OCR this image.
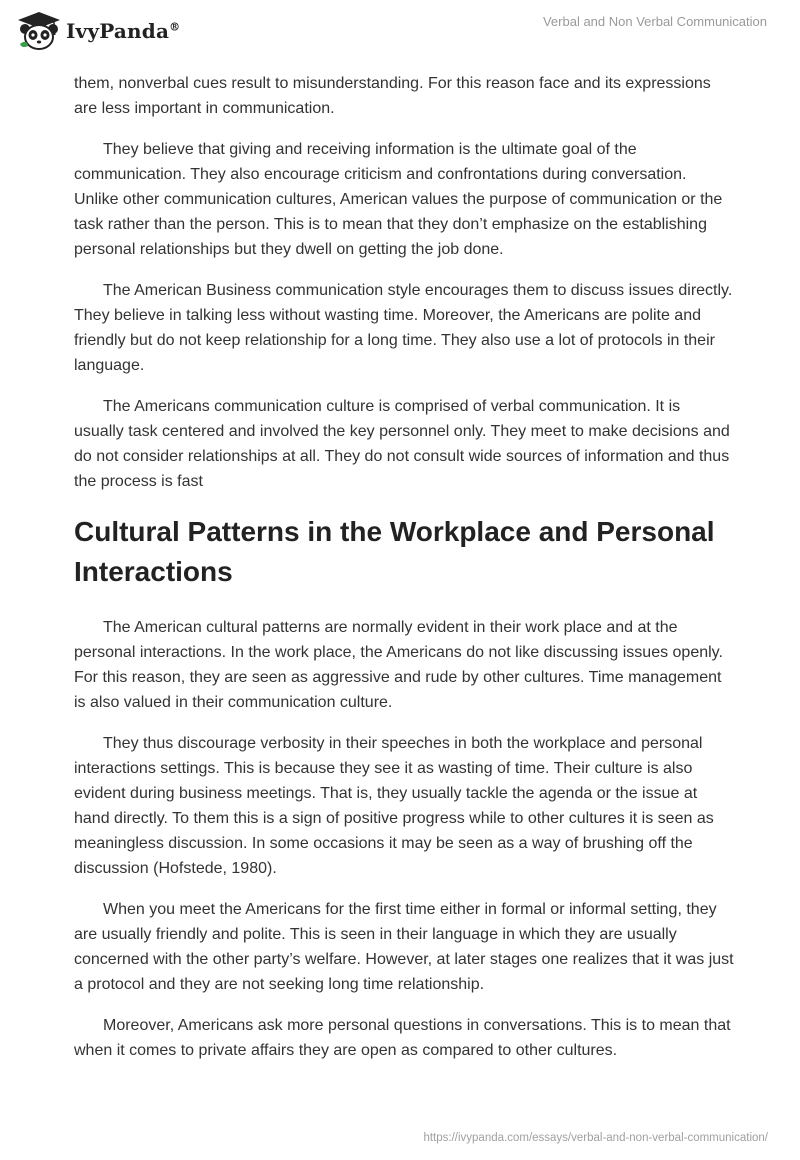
IvyPanda®	Verbal and Non Verbal Communication

them, nonverbal cues result to misunderstanding. For this reason face and its expressions are less important in communication.

They believe that giving and receiving information is the ultimate goal of the communication. They also encourage criticism and confrontations during conversation. Unlike other communication cultures, American values the purpose of communication or the task rather than the person. This is to mean that they don’t emphasize on the establishing personal relationships but they dwell on getting the job done.

The American Business communication style encourages them to discuss issues directly. They believe in talking less without wasting time. Moreover, the Americans are polite and friendly but do not keep relationship for a long time. They also use a lot of protocols in their language.

The Americans communication culture is comprised of verbal communication. It is usually task centered and involved the key personnel only. They meet to make decisions and do not consider relationships at all. They do not consult wide sources of information and thus the process is fast

Cultural Patterns in the Workplace and Personal Interactions

The American cultural patterns are normally evident in their work place and at the personal interactions. In the work place, the Americans do not like discussing issues openly. For this reason, they are seen as aggressive and rude by other cultures. Time management is also valued in their communication culture.

They thus discourage verbosity in their speeches in both the workplace and personal interactions settings. This is because they see it as wasting of time. Their culture is also evident during business meetings. That is, they usually tackle the agenda or the issue at hand directly. To them this is a sign of positive progress while to other cultures it is seen as meaningless discussion. In some occasions it may be seen as a way of brushing off the discussion (Hofstede, 1980).

When you meet the Americans for the first time either in formal or informal setting, they are usually friendly and polite. This is seen in their language in which they are usually concerned with the other party’s welfare. However, at later stages one realizes that it was just a protocol and they are not seeking long time relationship.

Moreover, Americans ask more personal questions in conversations. This is to mean that when it comes to private affairs they are open as compared to other cultures.

https://ivypanda.com/essays/verbal-and-non-verbal-communication/
